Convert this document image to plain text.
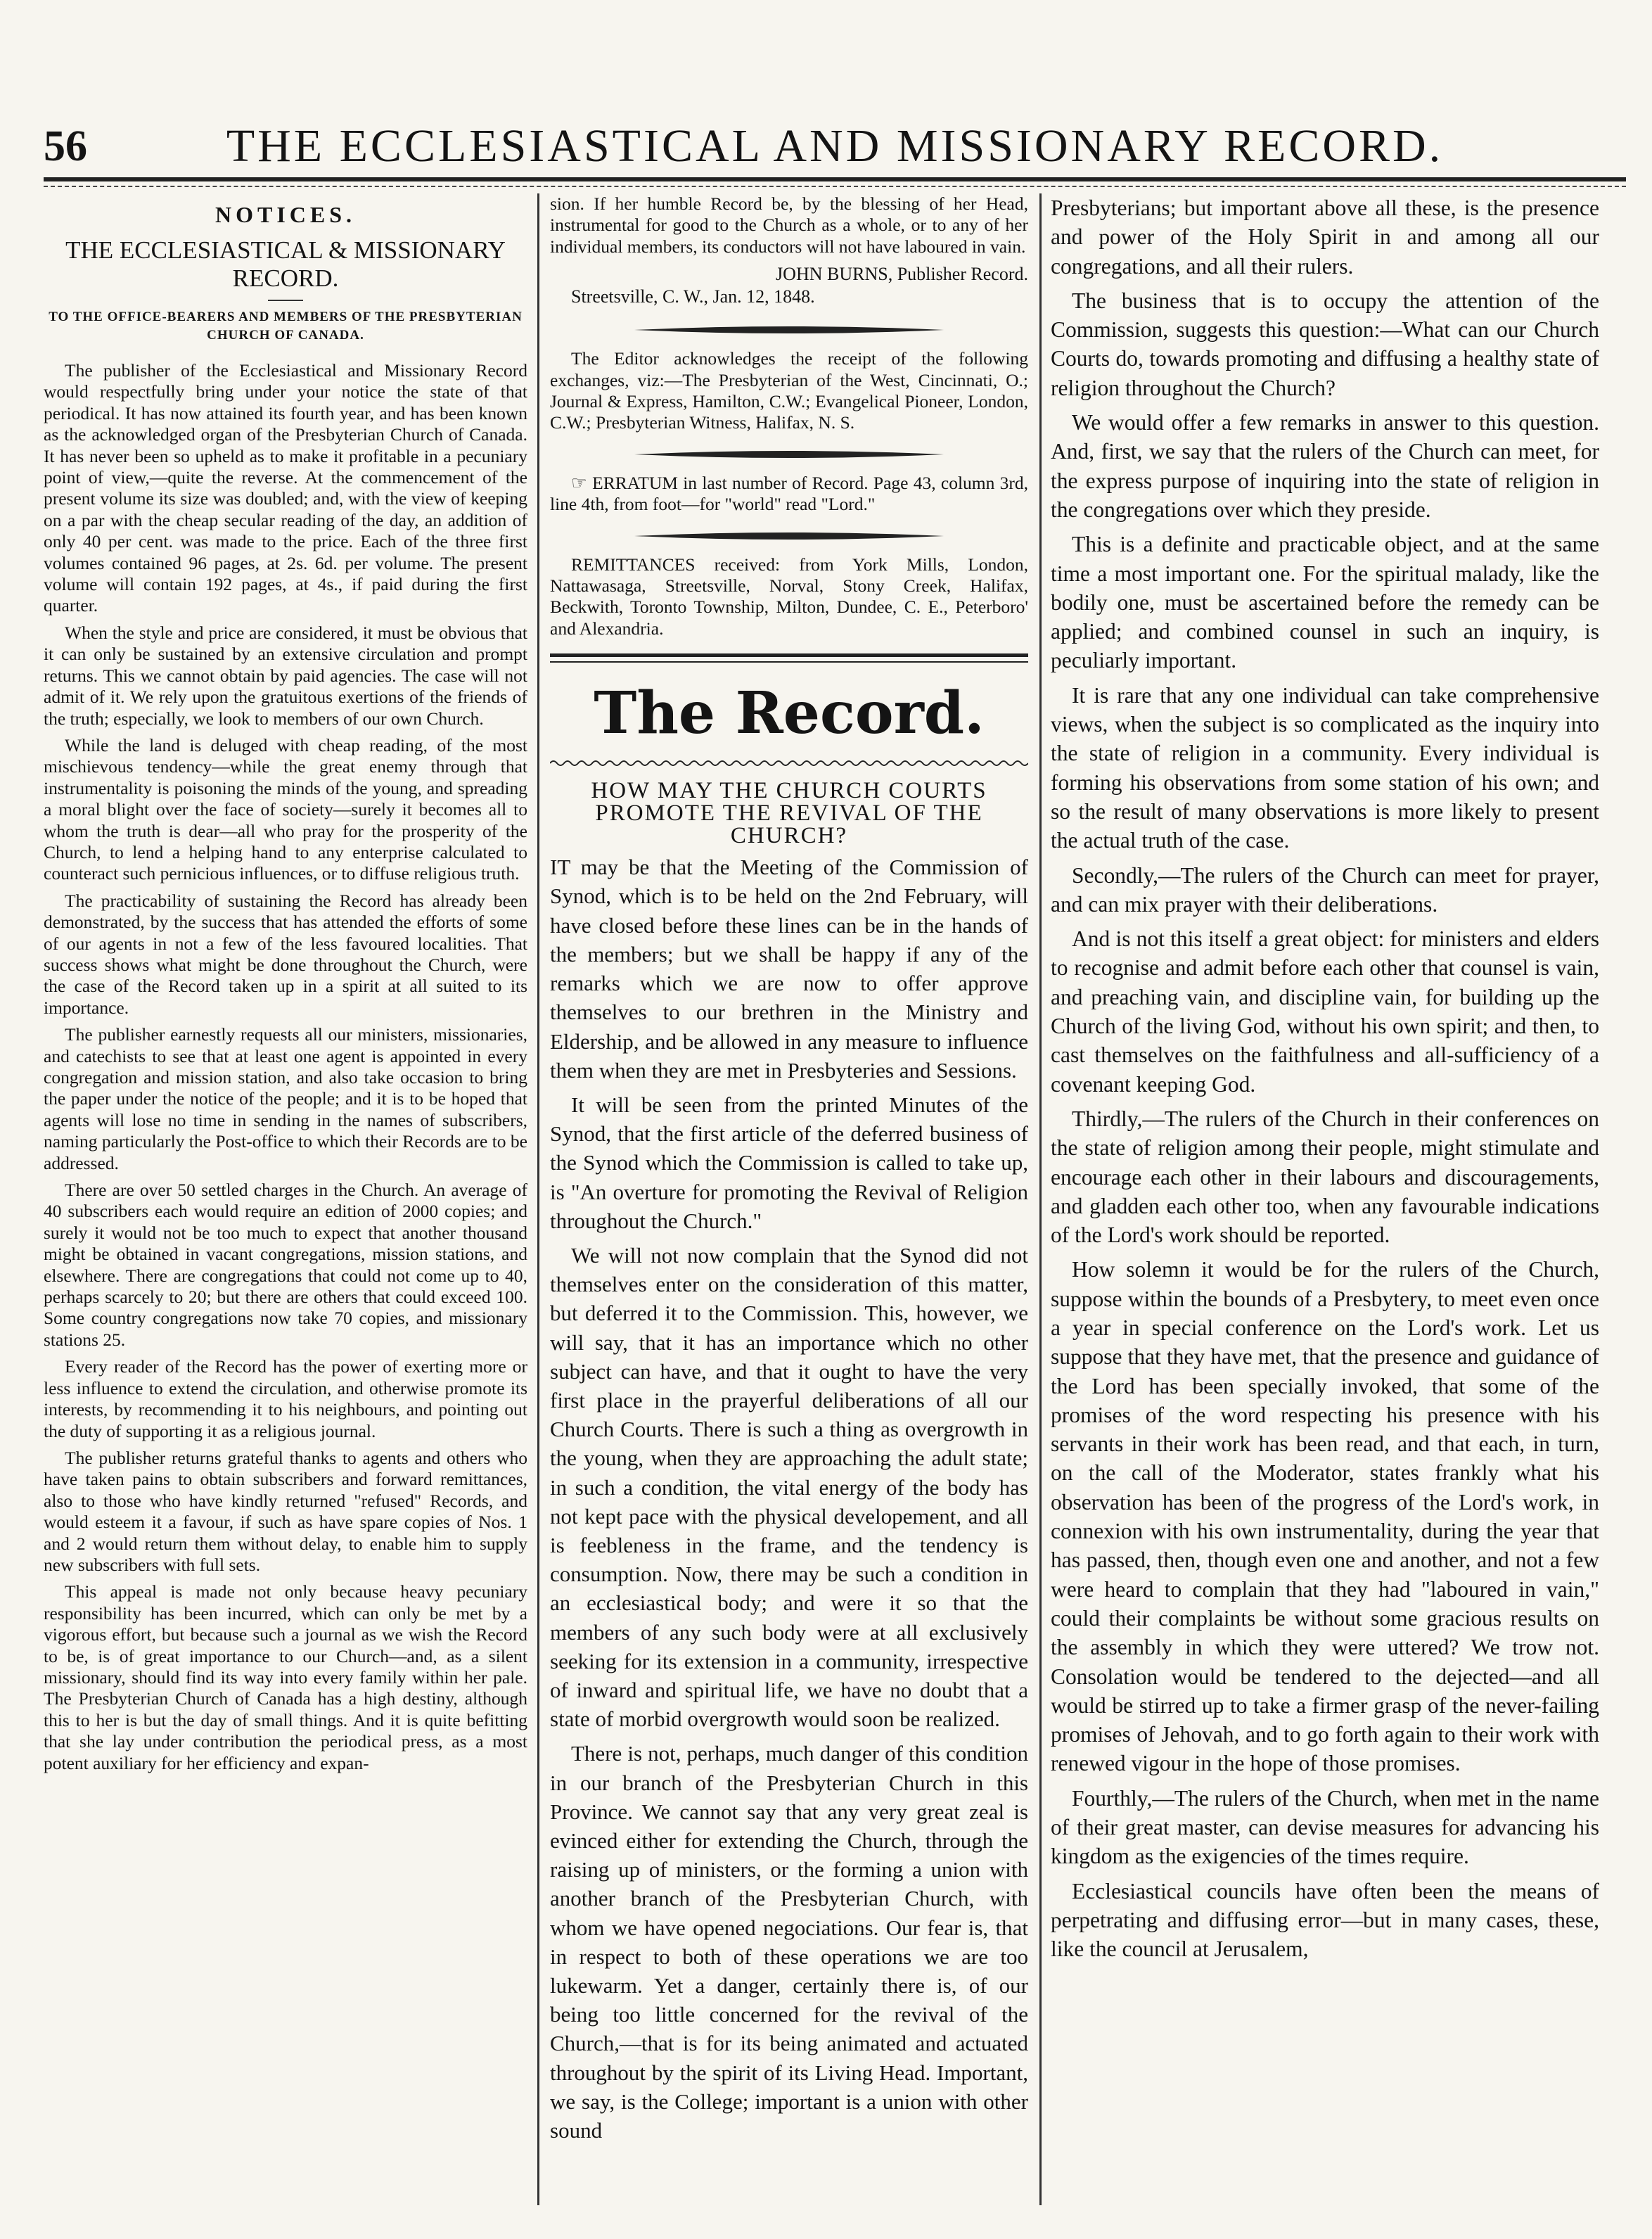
56	THE ECCLESIASTICAL AND MISSIONARY RECORD.
NOTICES.
THE ECCLESIASTICAL & MISSIONARY RECORD.
TO THE OFFICE-BEARERS AND MEMBERS OF THE PRESBYTERIAN CHURCH OF CANADA.

The publisher of the Ecclesiastical and Missionary Record would respectfully bring under your notice the state of that periodical. It has now attained its fourth year, and has been known as the acknowledged organ of the Presbyterian Church of Canada. It has never been so upheld as to make it profitable in a pecuniary point of view,—quite the reverse. At the commencement of the present volume its size was doubled; and, with the view of keeping on a par with the cheap secular reading of the day, an addition of only 40 per cent. was made to the price. Each of the three first volumes contained 96 pages, at 2s. 6d. per volume. The present volume will contain 192 pages, at 4s., if paid during the first quarter.

When the style and price are considered, it must be obvious that it can only be sustained by an extensive circulation and prompt returns. This we cannot obtain by paid agencies. The case will not admit of it. We rely upon the gratuitous exertions of the friends of the truth; especially, we look to members of our own Church.

While the land is deluged with cheap reading, of the most mischievous tendency—while the great enemy through that instrumentality is poisoning the minds of the young, and spreading a moral blight over the face of society—surely it becomes all to whom the truth is dear—all who pray for the prosperity of the Church, to lend a helping hand to any enterprise calculated to counteract such pernicious influences, or to diffuse religious truth.

The practicability of sustaining the Record has already been demonstrated, by the success that has attended the efforts of some of our agents in not a few of the less favoured localities. That success shows what might be done throughout the Church, were the case of the Record taken up in a spirit at all suited to its importance.

The publisher earnestly requests all our ministers, missionaries, and catechists to see that at least one agent is appointed in every congregation and mission station, and also take occasion to bring the paper under the notice of the people; and it is to be hoped that agents will lose no time in sending in the names of subscribers, naming particularly the Post-office to which their Records are to be addressed.

There are over 50 settled charges in the Church. An average of 40 subscribers each would require an edition of 2000 copies; and surely it would not be too much to expect that another thousand might be obtained in vacant congregations, mission stations, and elsewhere. There are congregations that could not come up to 40, perhaps scarcely to 20; but there are others that could exceed 100. Some country congregations now take 70 copies, and missionary stations 25.

Every reader of the Record has the power of exerting more or less influence to extend the circulation, and otherwise promote its interests, by recommending it to his neighbours, and pointing out the duty of supporting it as a religious journal.

The publisher returns grateful thanks to agents and others who have taken pains to obtain subscribers and forward remittances, also to those who have kindly returned "refused" Records, and would esteem it a favour, if such as have spare copies of Nos. 1 and 2 would return them without delay, to enable him to supply new subscribers with full sets.

This appeal is made not only because heavy pecuniary responsibility has been incurred, which can only be met by a vigorous effort, but because such a journal as we wish the Record to be, is of great importance to our Church—and, as a silent missionary, should find its way into every family within her pale. The Presbyterian Church of Canada has a high destiny, although this to her is but the day of small things. And it is quite befitting that she lay under contribution the periodical press, as a most potent auxiliary for her efficiency and expan-

sion. If her humble Record be, by the blessing of her Head, instrumental for good to the Church as a whole, or to any of her individual members, its conductors will not have laboured in vain.

JOHN BURNS, Publisher Record.

Streetsville, C. W., Jan. 12, 1848.

The Editor acknowledges the receipt of the following exchanges, viz:—The Presbyterian of the West, Cincinnati, O.; Journal & Express, Hamilton, C.W.; Evangelical Pioneer, London, C.W.; Presbyterian Witness, Halifax, N. S.

☞ ERRATUM in last number of Record. Page 43, column 3rd, line 4th, from foot—for "world" read "Lord."

REMITTANCES received: from York Mills, London, Nattawasaga, Streetsville, Norval, Stony Creek, Halifax, Beckwith, Toronto Township, Milton, Dundee, C. E., Peterboro' and Alexandria.

The Record.
HOW MAY THE CHURCH COURTS PROMOTE THE REVIVAL OF THE CHURCH?

IT may be that the Meeting of the Commission of Synod, which is to be held on the 2nd February, will have closed before these lines can be in the hands of the members; but we shall be happy if any of the remarks which we are now to offer approve themselves to our brethren in the Ministry and Eldership, and be allowed in any measure to influence them when they are met in Presbyteries and Sessions.

It will be seen from the printed Minutes of the Synod, that the first article of the deferred business of the Synod which the Commission is called to take up, is "An overture for promoting the Revival of Religion throughout the Church."

We will not now complain that the Synod did not themselves enter on the consideration of this matter, but deferred it to the Commission. This, however, we will say, that it has an importance which no other subject can have, and that it ought to have the very first place in the prayerful deliberations of all our Church Courts. There is such a thing as overgrowth in the young, when they are approaching the adult state; in such a condition, the vital energy of the body has not kept pace with the physical developement, and all is feebleness in the frame, and the tendency is consumption. Now, there may be such a condition in an ecclesiastical body; and were it so that the members of any such body were at all exclusively seeking for its extension in a community, irrespective of inward and spiritual life, we have no doubt that a state of morbid overgrowth would soon be realized.

There is not, perhaps, much danger of this condition in our branch of the Presbyterian Church in this Province. We cannot say that any very great zeal is evinced either for extending the Church, through the raising up of ministers, or the forming a union with another branch of the Presbyterian Church, with whom we have opened negociations. Our fear is, that in respect to both of these operations we are too lukewarm. Yet a danger, certainly there is, of our being too little concerned for the revival of the Church,—that is for its being animated and actuated throughout by the spirit of its Living Head. Important, we say, is the College; important is a union with other sound

Presbyterians; but important above all these, is the presence and power of the Holy Spirit in and among all our congregations, and all their rulers.

The business that is to occupy the attention of the Commission, suggests this question:—What can our Church Courts do, towards promoting and diffusing a healthy state of religion throughout the Church?

We would offer a few remarks in answer to this question. And, first, we say that the rulers of the Church can meet, for the express purpose of inquiring into the state of religion in the congregations over which they preside.

This is a definite and practicable object, and at the same time a most important one. For the spiritual malady, like the bodily one, must be ascertained before the remedy can be applied; and combined counsel in such an inquiry, is peculiarly important.

It is rare that any one individual can take comprehensive views, when the subject is so complicated as the inquiry into the state of religion in a community. Every individual is forming his observations from some station of his own; and so the result of many observations is more likely to present the actual truth of the case.

Secondly,—The rulers of the Church can meet for prayer, and can mix prayer with their deliberations.

And is not this itself a great object: for ministers and elders to recognise and admit before each other that counsel is vain, and preaching vain, and discipline vain, for building up the Church of the living God, without his own spirit; and then, to cast themselves on the faithfulness and all-sufficiency of a covenant keeping God.

Thirdly,—The rulers of the Church in their conferences on the state of religion among their people, might stimulate and encourage each other in their labours and discouragements, and gladden each other too, when any favourable indications of the Lord's work should be reported.

How solemn it would be for the rulers of the Church, suppose within the bounds of a Presbytery, to meet even once a year in special conference on the Lord's work. Let us suppose that they have met, that the presence and guidance of the Lord has been specially invoked, that some of the promises of the word respecting his presence with his servants in their work has been read, and that each, in turn, on the call of the Moderator, states frankly what his observation has been of the progress of the Lord's work, in connexion with his own instrumentality, during the year that has passed, then, though even one and another, and not a few were heard to complain that they had "laboured in vain," could their complaints be without some gracious results on the assembly in which they were uttered? We trow not. Consolation would be tendered to the dejected—and all would be stirred up to take a firmer grasp of the never-failing promises of Jehovah, and to go forth again to their work with renewed vigour in the hope of those promises.

Fourthly,—The rulers of the Church, when met in the name of their great master, can devise measures for advancing his kingdom as the exigencies of the times require.

Ecclesiastical councils have often been the means of perpetrating and diffusing error—but in many cases, these, like the council at Jerusalem,
